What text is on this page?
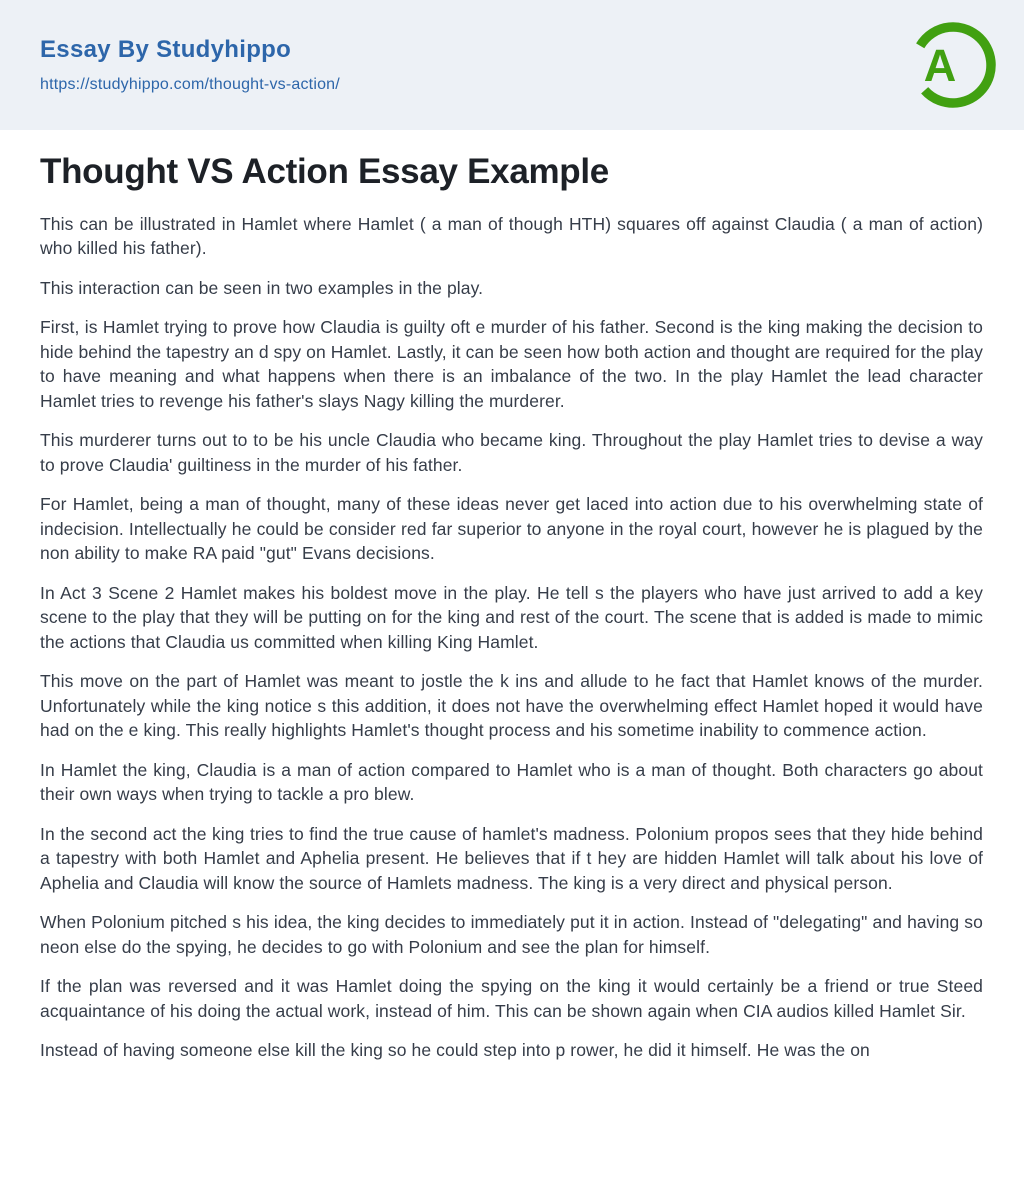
Essay By Studyhippo
https://studyhippo.com/thought-vs-action/	A
Thought VS Action Essay Example

This can be illustrated in Hamlet where Hamlet ( a man of though HTH) squares off against Claudia ( a man of action) who killed his father).

This interaction can be seen in two examples in the play.

First, is Hamlet trying to prove how Claudia is guilty oft e murder of his father. Second is the king making the decision to hide behind the tapestry an d spy on Hamlet. Lastly, it can be seen how both action and thought are required for the play to have meaning and what happens when there is an imbalance of the two. In the play Hamlet the lead character Hamlet tries to revenge his father's slays Nagy killing the murderer.

This murderer turns out to to be his uncle Claudia who became king. Throughout the play Hamlet tries to devise a way to prove Claudia' guiltiness in the murder of his father.

For Hamlet, being a man of thought, many of these ideas never get laced into action due to his overwhelming state of indecision. Intellectually he could be consider red far superior to anyone in the royal court, however he is plagued by the non ability to make RA paid "gut" Evans decisions.

In Act 3 Scene 2 Hamlet makes his boldest move in the play. He tell s the players who have just arrived to add a key scene to the play that they will be putting on for the king and rest of the court. The scene that is added is made to mimic the actions that Claudia us committed when killing King Hamlet.

This move on the part of Hamlet was meant to jostle the k ins and allude to he fact that Hamlet knows of the murder. Unfortunately while the king notice s this addition, it does not have the overwhelming effect Hamlet hoped it would have had on the e king. This really highlights Hamlet's thought process and his sometime inability to commence action.

In Hamlet the king, Claudia is a man of action compared to Hamlet who is a man of thought. Both characters go about their own ways when trying to tackle a pro blew.

In the second act the king tries to find the true cause of hamlet's madness. Polonium propos sees that they hide behind a tapestry with both Hamlet and Aphelia present. He believes that if t hey are hidden Hamlet will talk about his love of Aphelia and Claudia will know the source of Hamlets madness. The king is a very direct and physical person.

When Polonium pitched s his idea, the king decides to immediately put it in action. Instead of "delegating" and having so neon else do the spying, he decides to go with Polonium and see the plan for himself.

If the plan was reversed and it was Hamlet doing the spying on the king it would certainly be a friend or true Steed acquaintance of his doing the actual work, instead of him. This can be shown again when CIA audios killed Hamlet Sir.

Instead of having someone else kill the king so he could step into p rower, he did it himself. He was the on
